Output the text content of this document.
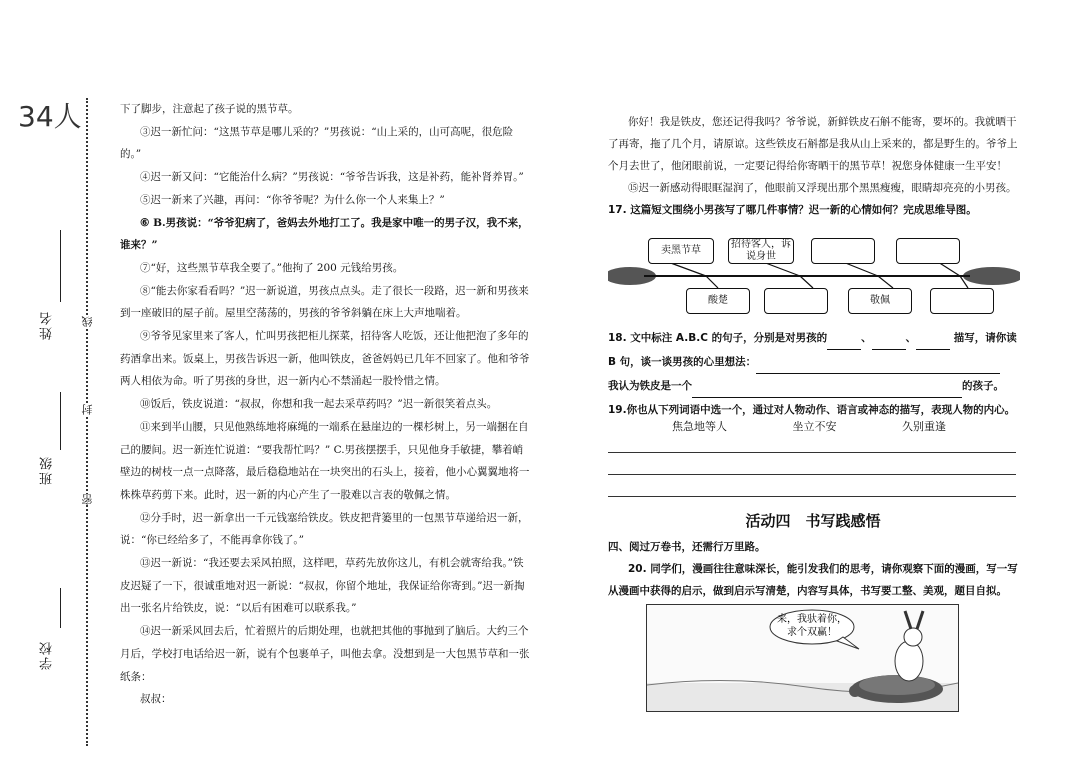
34人
姓名
班级
学校
线
封
密

下了脚步，注意起了孩子说的黑节草。

③迟一新忙问：“这黑节草是哪儿采的？”男孩说：“山上采的，山可高呢，很危险的。”

④迟一新又问：“它能治什么病？”男孩说：“爷爷告诉我，这是补药，能补肾养胃。”

⑤迟一新来了兴趣，再问：“你爷爷呢？为什么你一个人来集上？”

⑥ B.男孩说：“爷爷犯病了，爸妈去外地打工了。我是家中唯一的男子汉，我不来，谁来？”

⑦“好，这些黑节草我全要了。”他拘了 200 元钱给男孩。

⑧“能去你家看看吗？”迟一新说道，男孩点点头。走了很长一段路，迟一新和男孩来到一座破旧的屋子前。屋里空荡荡的，男孩的爷爷斜躺在床上大声地喘着。

⑨爷爷见家里来了客人，忙叫男孩把柜儿探菜，招待客人吃饭，还让他把泡了多年的药酒拿出来。饭桌上，男孩告诉迟一新，他叫铁皮，爸爸妈妈已几年不回家了。他和爷爷两人相依为命。听了男孩的身世，迟一新内心不禁涌起一股怜惜之情。

⑩饭后，铁皮说道：“叔叔，你想和我一起去采草药吗？”迟一新很笑着点头。

⑪来到半山腰，只见他熟练地将麻绳的一端系在悬崖边的一棵杉树上，另一端捆在自己的腰间。迟一新连忙说道：“要我帮忙吗？” C.男孩摆摆手，只见他身手敏捷，攀着峭壁边的树枝一点一点降落，最后稳稳地站在一块突出的石头上，接着，他小心翼翼地将一株株草药剪下来。此时，迟一新的内心产生了一股难以言表的敬佩之情。

⑫分手时，迟一新拿出一千元钱塞给铁皮。铁皮把背篓里的一包黑节草递给迟一新，说：“你已经给多了，不能再拿你钱了。”

⑬迟一新说：“我还要去采风拍照，这样吧，草药先放你这儿，有机会就寄给我。”铁皮迟疑了一下，很诚重地对迟一新说：“叔叔，你留个地址，我保证给你寄到。”迟一新掏出一张名片给铁皮，说：“以后有困难可以联系我。”

⑭迟一新采风回去后，忙着照片的后期处理，也就把其他的事抛到了脑后。大约三个月后，学校打电话给迟一新，说有个包裹单子，叫他去拿。没想到是一大包黑节草和一张纸条：

叔叔：

你好！我是铁皮，您还记得我吗？爷爷说，新鲜铁皮石斛不能寄，要坏的。我就晒干了再寄，拖了几个月，请原谅。这些铁皮石斛都是我从山上采来的，都是野生的。爷爷上个月去世了，他闭眼前说，一定要记得给你寄晒干的黑节草！祝您身体健康一生平安！

⑮迟一新感动得眼眶湿润了，他眼前又浮现出那个黑黑瘦瘦，眼睛却亮亮的小男孩。

17. 这篇短文围绕小男孩写了哪几件事情？迟一新的心情如何？完成思维导图。

卖黑节草
招待客人，诉说身世
酸楚	敬佩

18. 文中标注 A.B.C 的句子，分别是对男孩的	、	、	描写，请你读 B 句，谈一谈男孩的心里想法：

我认为铁皮是一个	的孩子。

19.你也从下列词语中选一个，通过对人物动作、语言或神态的描写，表现人物的内心。

焦急地等人	坐立不安	久别重逢
活动四　书写践感悟

四、阅过万卷书，还需行万里路。

20. 同学们，漫画往往意味深长，能引发我们的思考，请你观察下面的漫画，写一写从漫画中获得的启示，做到启示写清楚，内容写具体，书写要工整、美观，题目自拟。

来，我驮着你，
求个双赢！
